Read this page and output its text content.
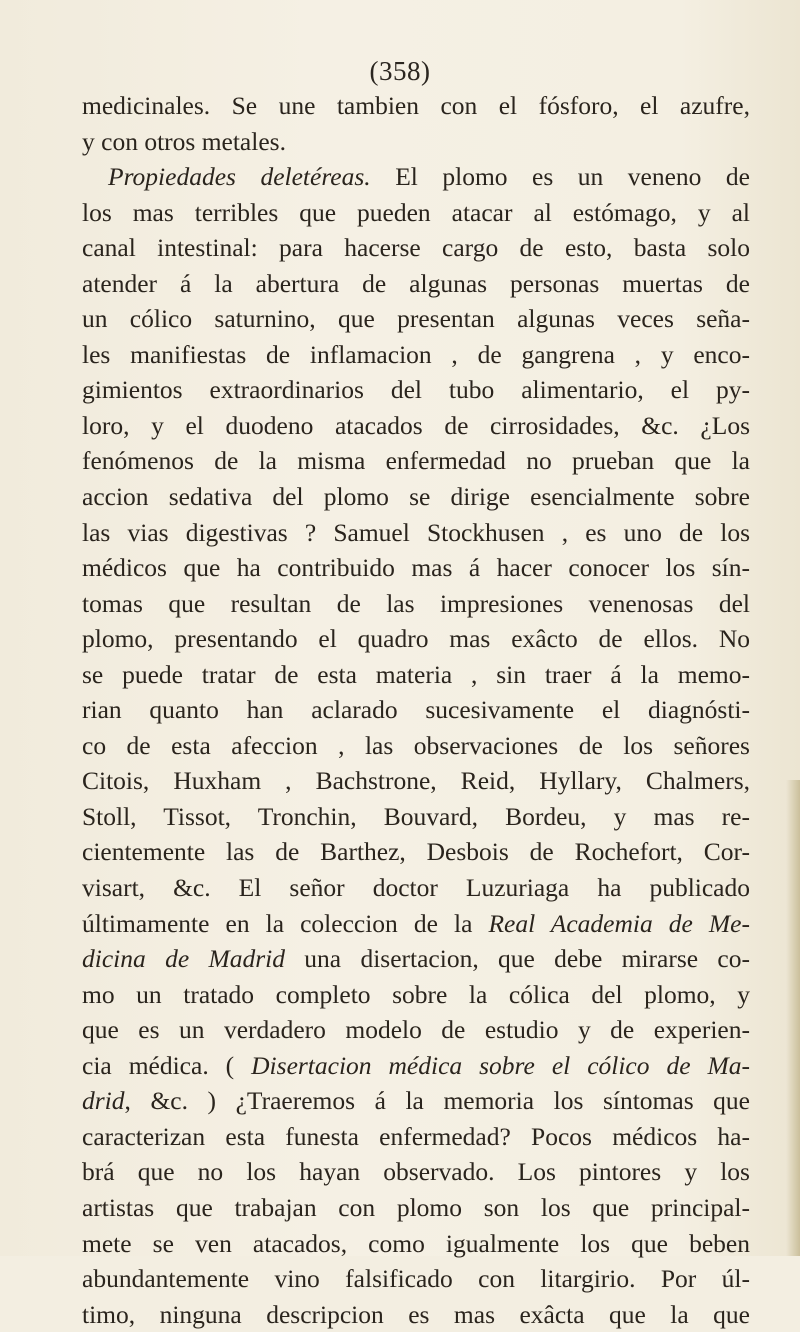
(358)
medicinales. Se une tambien con el fósforo, el azufre,
y con otros metales.
Propiedades deletéreas. El plomo es un veneno de
los mas terribles que pueden atacar al estómago, y al
canal intestinal: para hacerse cargo de esto, basta solo
atender á la abertura de algunas personas muertas de
un cólico saturnino, que presentan algunas veces seña-
les manifiestas de inflamacion , de gangrena , y enco-
gimientos extraordinarios del tubo alimentario, el py-
loro, y el duodeno atacados de cirrosidades, &c. ¿Los
fenómenos de la misma enfermedad no prueban que la
accion sedativa del plomo se dirige esencialmente sobre
las vias digestivas ? Samuel Stockhusen , es uno de los
médicos que ha contribuido mas á hacer conocer los sín-
tomas que resultan de las impresiones venenosas del
plomo, presentando el quadro mas exâcto de ellos. No
se puede tratar de esta materia , sin traer á la memo-
rian quanto han aclarado sucesivamente el diagnósti-
co de esta afeccion , las observaciones de los señores
Citois, Huxham , Bachstrone, Reid, Hyllary, Chalmers,
Stoll, Tissot, Tronchin, Bouvard, Bordeu, y mas re-
cientemente las de Barthez, Desbois de Rochefort, Cor-
visart, &c. El señor doctor Luzuriaga ha publicado
últimamente en la coleccion de la Real Academia de Me-
dicina de Madrid una disertacion, que debe mirarse co-
mo un tratado completo sobre la cólica del plomo, y
que es un verdadero modelo de estudio y de experien-
cia médica. ( Disertacion médica sobre el cólico de Ma-
drid, &c. ) ¿Traeremos á la memoria los síntomas que
caracterizan esta funesta enfermedad? Pocos médicos ha-
brá que no los hayan observado. Los pintores y los
artistas que trabajan con plomo son los que principal-
mete se ven atacados, como igualmente los que beben
abundantemente vino falsificado con litargirio. Por úl-
timo, ninguna descripcion es mas exâcta que la que
